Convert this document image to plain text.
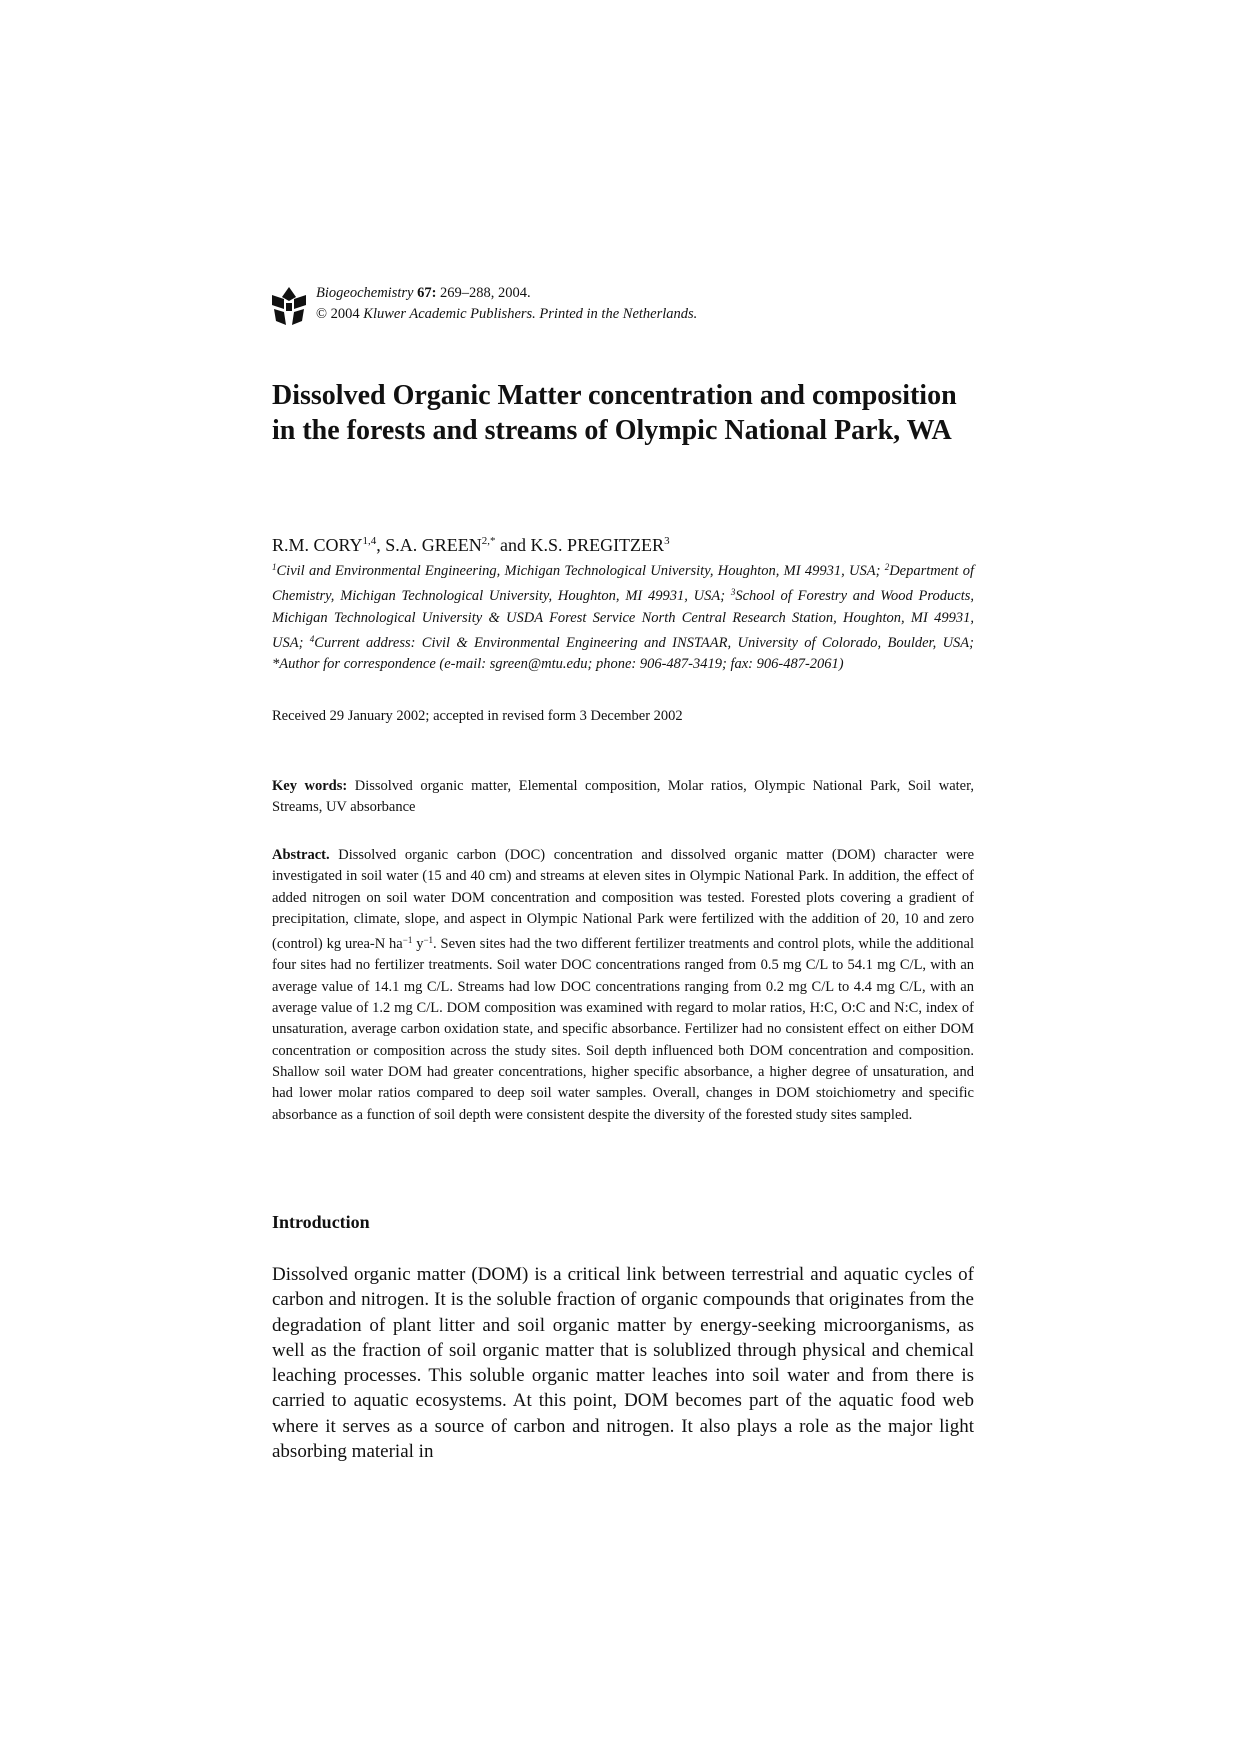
Biogeochemistry 67: 269–288, 2004.
© 2004 Kluwer Academic Publishers. Printed in the Netherlands.
Dissolved Organic Matter concentration and composition in the forests and streams of Olympic National Park, WA
R.M. CORY$^{1,4}$, S.A. $GREEN^{2,*}$ and K.S. PREGITZER$^3$

$^1$Civil and Environmental Engineering, Michigan Technological University, Houghton, MI 49931, USA; $^2$Department of Chemistry, Michigan Technological University, Houghton, MI 49931, USA; $^3$School of Forestry and Wood Products, Michigan Technological University & USDA Forest Service North Central Research Station, Houghton, MI 49931, USA; $^4$Current address: Civil & Environmental Engineering and INSTAAR, University of Colorado, Boulder, USA; *Author for correspondence (e-mail: sgreen@mtu.edu; phone: 906-487-3419; fax: 906-487-2061)

Received 29 January 2002; accepted in revised form 3 December 2002

Key words: Dissolved organic matter, Elemental composition, Molar ratios, Olympic National Park, Soil water, Streams, UV absorbance

Abstract. Dissolved organic carbon (DOC) concentration and dissolved organic matter (DOM) character were investigated in soil water (15 and 40 cm) and streams at eleven sites in Olympic National Park. In addition, the effect of added nitrogen on soil water DOM concentration and composition was tested. Forested plots covering a gradient of precipitation, climate, slope, and aspect in Olympic National Park were fertilized with the addition of 20, 10 and zero (control) kg urea-N $ha^{-1}$ $y^{-1}$. Seven sites had the two different fertilizer treatments and control plots, while the additional four sites had no fertilizer treatments. Soil water DOC concentrations ranged from 0.5 mg C/L to 54.1 mg C/L, with an average value of 14.1 mg C/L. Streams had low DOC concentrations ranging from 0.2 mg C/L to 4.4 mg C/L, with an average value of 1.2 mg C/L. DOM composition was examined with regard to molar ratios, H:C, O:C and N:C, index of unsaturation, average carbon oxidation state, and specific absorbance. Fertilizer had no consistent effect on either DOM concentration or composition across the study sites. Soil depth influenced both DOM concentration and composition. Shallow soil water DOM had greater concentrations, higher specific absorbance, a higher degree of unsaturation, and had lower molar ratios compared to deep soil water samples. Overall, changes in DOM stoichiometry and specific absorbance as a function of soil depth were consistent despite the diversity of the forested study sites sampled.

Introduction

Dissolved organic matter (DOM) is a critical link between terrestrial and aquatic cycles of carbon and nitrogen. It is the soluble fraction of organic compounds that originates from the degradation of plant litter and soil organic matter by energy-seeking microorganisms, as well as the fraction of soil organic matter that is solublized through physical and chemical leaching processes. This soluble organic matter leaches into soil water and from there is carried to aquatic ecosystems. At this point, DOM becomes part of the aquatic food web where it serves as a source of carbon and nitrogen. It also plays a role as the major light absorbing material in
